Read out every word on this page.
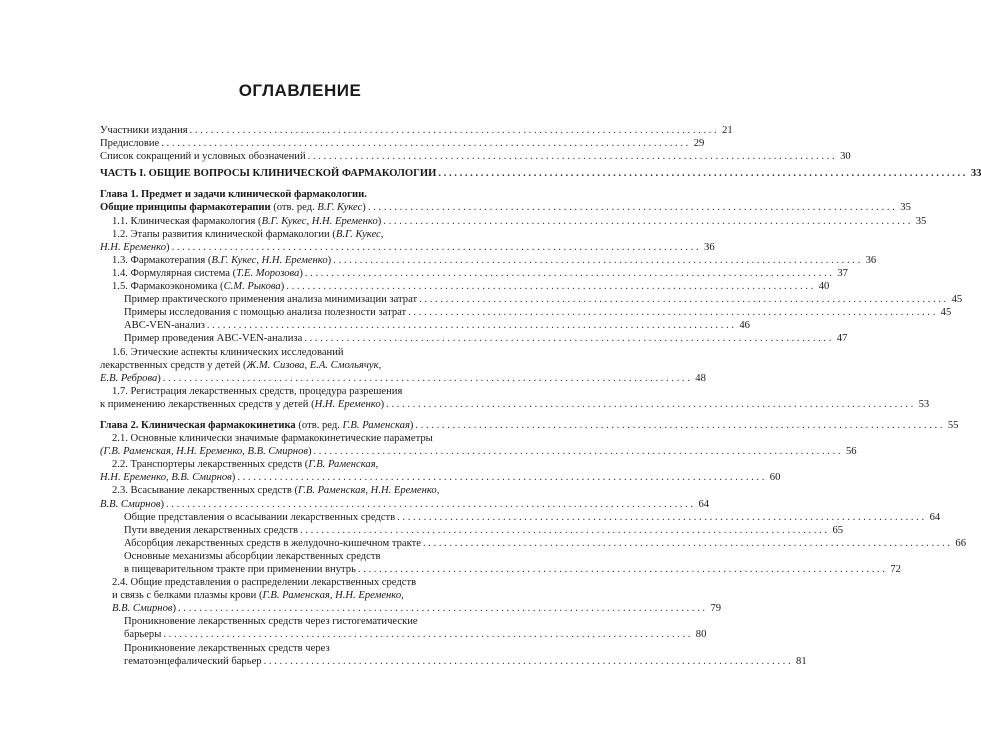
ОГЛАВЛЕНИЕ
Участники издания . . .	21
Предисловие . . .	29
Список сокращений и условных обозначений . . .	30
ЧАСТЬ I. ОБЩИЕ ВОПРОСЫ КЛИНИЧЕСКОЙ ФАРМАКОЛОГИИ . . .	33
Глава 1. Предмет и задачи клинической фармакологии.
Общие принципы фармакотерапии (отв. ред. В.Г. Кукес) . . .	35
1.1. Клиническая фармакология (В.Г. Кукес, Н.Н. Еременко) . . .	35
1.2. Этапы развития клинической фармакологии (В.Г. Кукес,
Н.Н. Еременко) . . .	36
1.3. Фармакотерапия (В.Г. Кукес, Н.Н. Еременко) . . .	36
1.4. Формулярная система (Т.Е. Морозова) . . .	37
1.5. Фармакоэкономика (С.М. Рыкова) . . .	40
Пример практического применения анализа минимизации затрат . . .	45
Примеры исследования с помощью анализа полезности затрат . . .	45
ABC-VEN-анализ . . .	46
Пример проведения ABC-VEN-анализа . . .	47
1.6. Этические аспекты клинических исследований
лекарственных средств у детей (Ж.М. Сизова, Е.А. Смольячук,
Е.В. Реброва) . . .	48
1.7. Регистрация лекарственных средств, процедура разрешения
к применению лекарственных средств у детей (Н.Н. Еременко) . . .	53
Глава 2. Клиническая фармакокинетика (отв. ред. Г.В. Раменская) . . .	55
2.1. Основные клинически значимые фармакокинетические параметры
(Г.В. Раменская, Н.Н. Еременко, В.В. Смирнов) . . .	56
2.2. Транспортеры лекарственных средств (Г.В. Раменская,
Н.Н. Еременко, В.В. Смирнов) . . .	60
2.3. Всасывание лекарственных средств (Г.В. Раменская, Н.Н. Еременко,
В.В. Смирнов) . . .	64
Общие представления о всасывании лекарственных средств . . .	64
Пути введения лекарственных средств . . .	65
Абсорбция лекарственных средств в желудочно-кишечном тракте . . .	66
Основные механизмы абсорбции лекарственных средств
в пищеварительном тракте при применении внутрь . . .	72
2.4. Общие представления о распределении лекарственных средств
и связь с белками плазмы крови (Г.В. Раменская, Н.Н. Еременко,
В.В. Смирнов) . . .	79
Проникновение лекарственных средств через гистогематические
барьеры . . .	80
Проникновение лекарственных средств через
гематоэнцефалический барьер . . .	81
